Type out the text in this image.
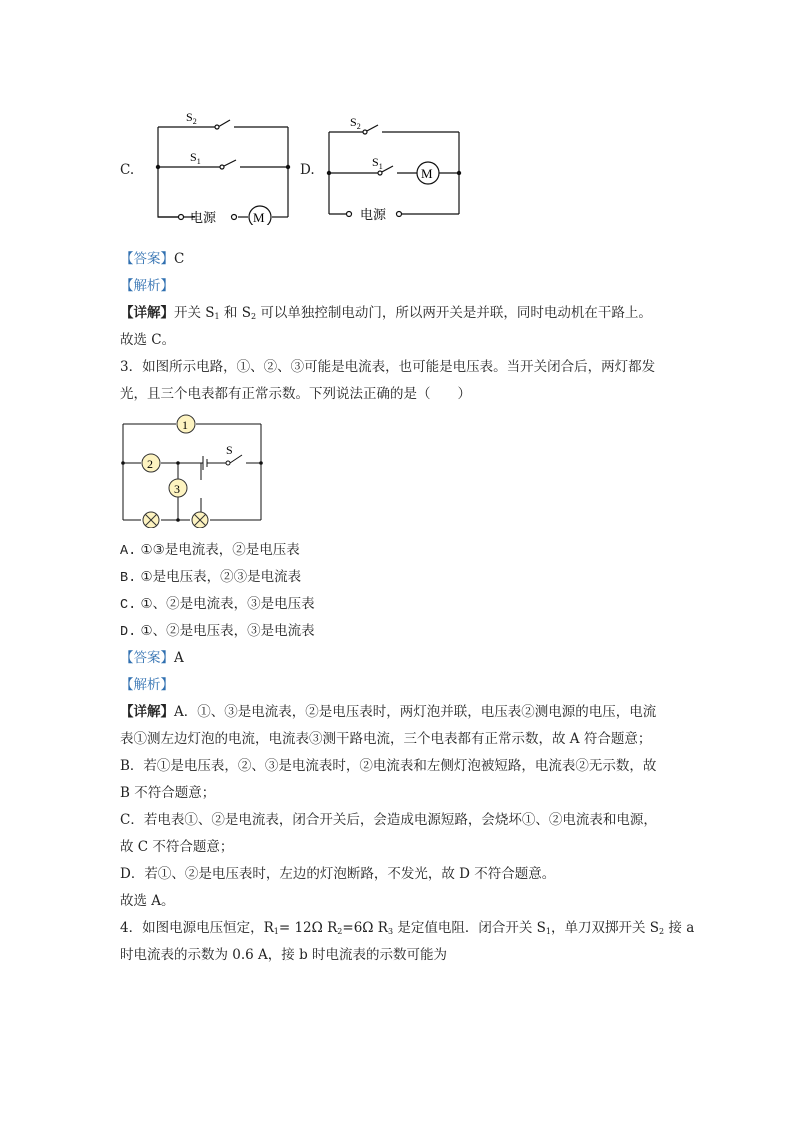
C.
$S_2$
$S_1$
电源	M
D.
$S_2$
$S_1$
电源
M
【答案】C
【解析】
【详解】开关 $S_1$ 和 $S_2$ 可以单独控制电动门，所以两开关是并联，同时电动机在干路上。
故选 C。
3．如图所示电路，①、②、③可能是电流表，也可能是电压表。当开关闭合后，两灯都发
光，且三个电表都有正常示数。下列说法正确的是（　　）
1
2
3
S
A. ①③是电流表，②是电压表
B. ①是电压表，②③是电流表
C. ①、②是电流表，③是电压表
D. ①、②是电压表，③是电流表
【答案】A
【解析】
【详解】A．①、③是电流表，②是电压表时，两灯泡并联，电压表②测电源的电压，电流
表①测左边灯泡的电流，电流表③测干路电流，三个电表都有正常示数，故 A 符合题意；
B．若①是电压表，②、③是电流表时，②电流表和左侧灯泡被短路，电流表②无示数，故
B 不符合题意；
C．若电表①、②是电流表，闭合开关后，会造成电源短路，会烧坏①、②电流表和电源，
故 C 不符合题意；
D．若①、②是电压表时，左边的灯泡断路，不发光，故 D 不符合题意。
故选 A。
4．如图电源电压恒定，$R_1= 12\Omega$ $R_2=6\Omega$ $R_3$ 是定值电阻．闭合开关 $S_1$，单刀双掷开关 $S_2$ 接 a
时电流表的示数为 0.6 A，接 b 时电流表的示数可能为
